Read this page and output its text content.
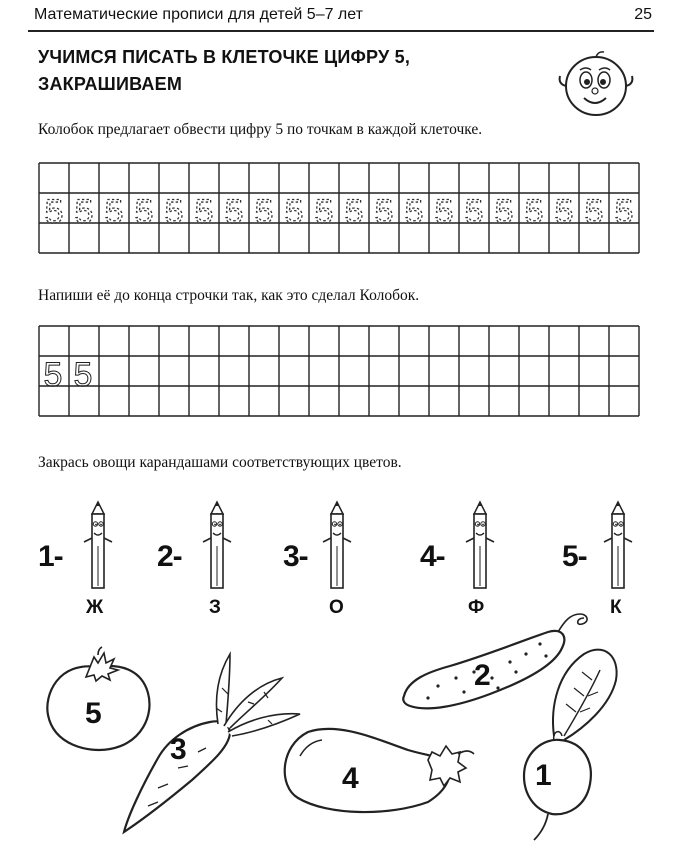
Математические прописи для детей 5–7 лет	25
УЧИМСЯ ПИСАТЬ В КЛЕТОЧКЕ ЦИФРУ 5,
ЗАКРАШИВАЕМ
Колобок предлагает обвести цифру 5 по точкам в каждой клеточке.
5 5 5 5 5 5 5 5 5 5 5 5 5 5 5 5 5 5 5 5
Напиши её до конца строчки так, как это сделал Колобок.
5 5
Закрась овощи карандашами соответствующих цветов.
1-
Ж
2-
З
3-
О
4-
Ф
5-
К
5
3
4
2
1
